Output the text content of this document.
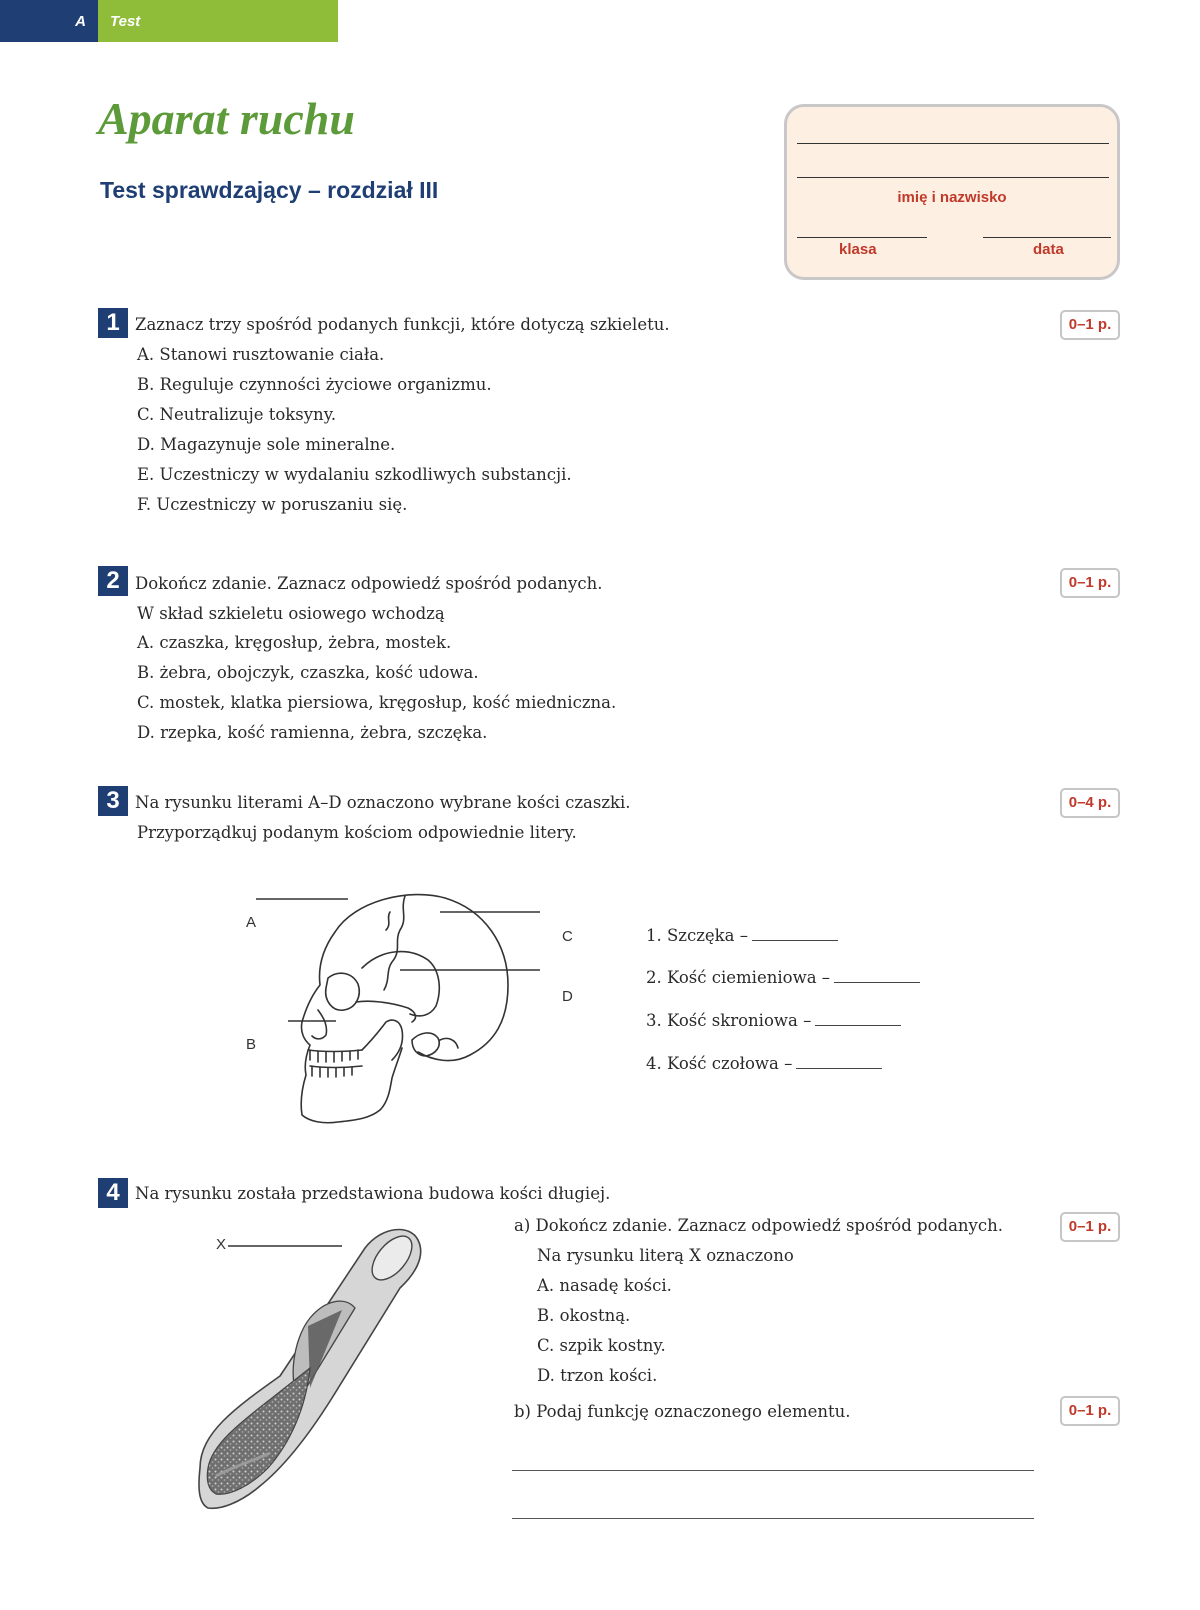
A Test
Aparat ruchu
Test sprawdzający – rozdział III	imię i nazwisko
klasa	data
1	0–1 p.
Zaznacz trzy spośród podanych funkcji, które dotyczą szkieletu.
A. Stanowi rusztowanie ciała.
B. Reguluje czynności życiowe organizmu.
C. Neutralizuje toksyny.
D. Magazynuje sole mineralne.
E. Uczestniczy w wydalaniu szkodliwych substancji.
F. Uczestniczy w poruszaniu się.
2	0–1 p.
Dokończ zdanie. Zaznacz odpowiedź spośród podanych.
W skład szkieletu osiowego wchodzą
A. czaszka, kręgosłup, żebra, mostek.
B. żebra, obojczyk, czaszka, kość udowa.
C. mostek, klatka piersiowa, kręgosłup, kość miedniczna.
D. rzepka, kość ramienna, żebra, szczęka.
3	0–4 p.
Na rysunku literami A–D oznaczono wybrane kości czaszki.
Przyporządkuj podanym kościom odpowiednie litery.
A
B
C
D
1. Szczęka –
2. Kość ciemieniowa –
3. Kość skroniowa –
4. Kość czołowa –
4 Na rysunku została przedstawiona budowa kości długiej.
X
0–1 p.
a) Dokończ zdanie. Zaznacz odpowiedź spośród podanych.
Na rysunku literą X oznaczono
A. nasadę kości.
B. okostną.
C. szpik kostny.
D. trzon kości.
0–1 p.
b) Podaj funkcję oznaczonego elementu.
